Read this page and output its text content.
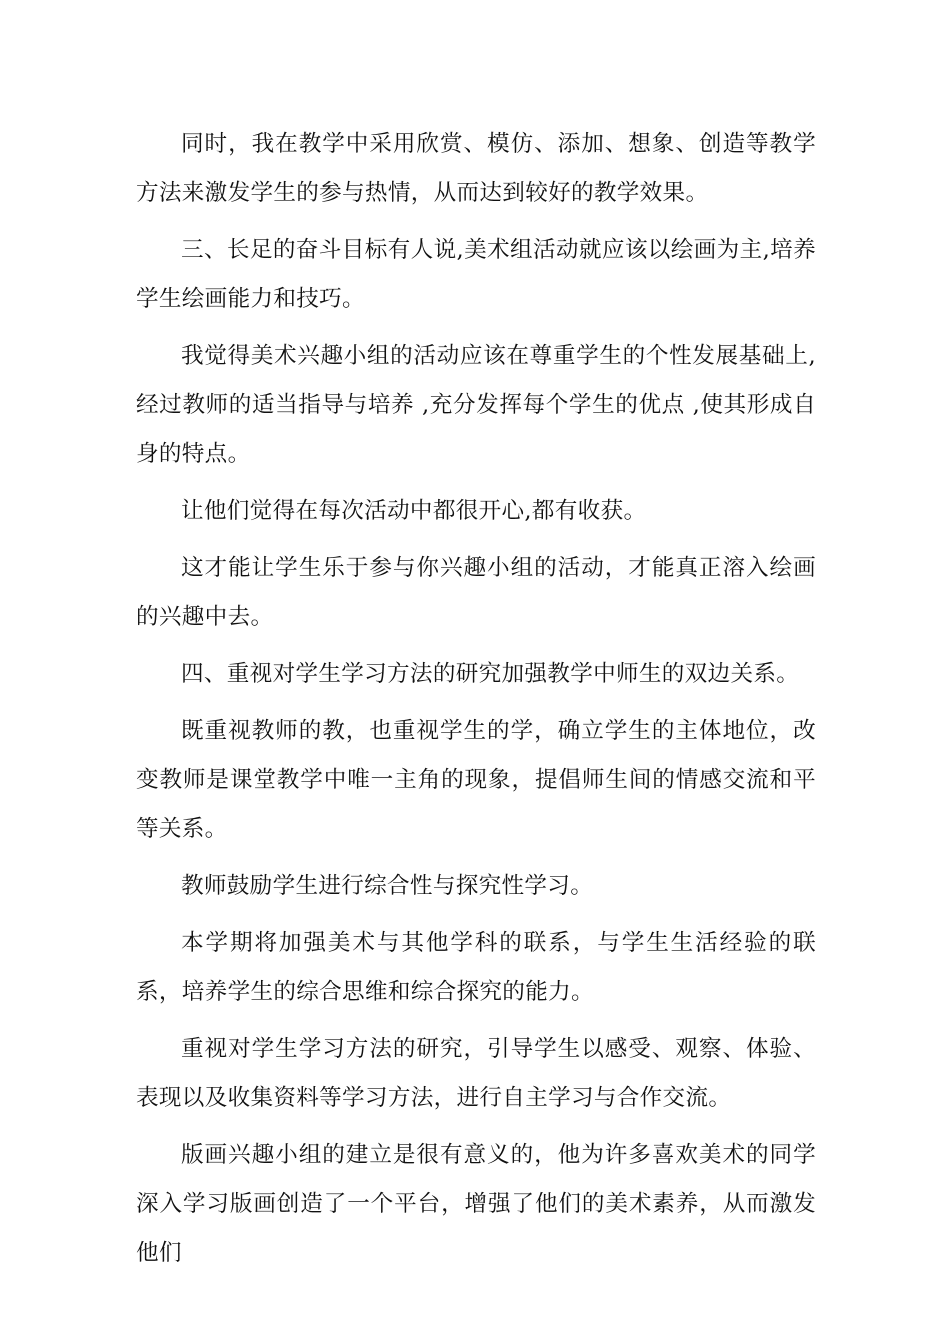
同时，我在教学中采用欣赏、模仿、添加、想象、创造等教学方法来激发学生的参与热情，从而达到较好的教学效果。

三、长足的奋斗目标有人说,美术组活动就应该以绘画为主,培养学生绘画能力和技巧。

我觉得美术兴趣小组的活动应该在尊重学生的个性发展基础上,经过教师的适当指导与培养 ,充分发挥每个学生的优点 ,使其形成自身的特点。

让他们觉得在每次活动中都很开心,都有收获。

这才能让学生乐于参与你兴趣小组的活动，才能真正溶入绘画的兴趣中去。

四、重视对学生学习方法的研究加强教学中师生的双边关系。

既重视教师的教，也重视学生的学，确立学生的主体地位，改变教师是课堂教学中唯一主角的现象，提倡师生间的情感交流和平等关系。

教师鼓励学生进行综合性与探究性学习。

本学期将加强美术与其他学科的联系，与学生生活经验的联系，培养学生的综合思维和综合探究的能力。

重视对学生学习方法的研究，引导学生以感受、观察、体验、表现以及收集资料等学习方法，进行自主学习与合作交流。

版画兴趣小组的建立是很有意义的，他为许多喜欢美术的同学深入学习版画创造了一个平台，增强了他们的美术素养，从而激发他们
